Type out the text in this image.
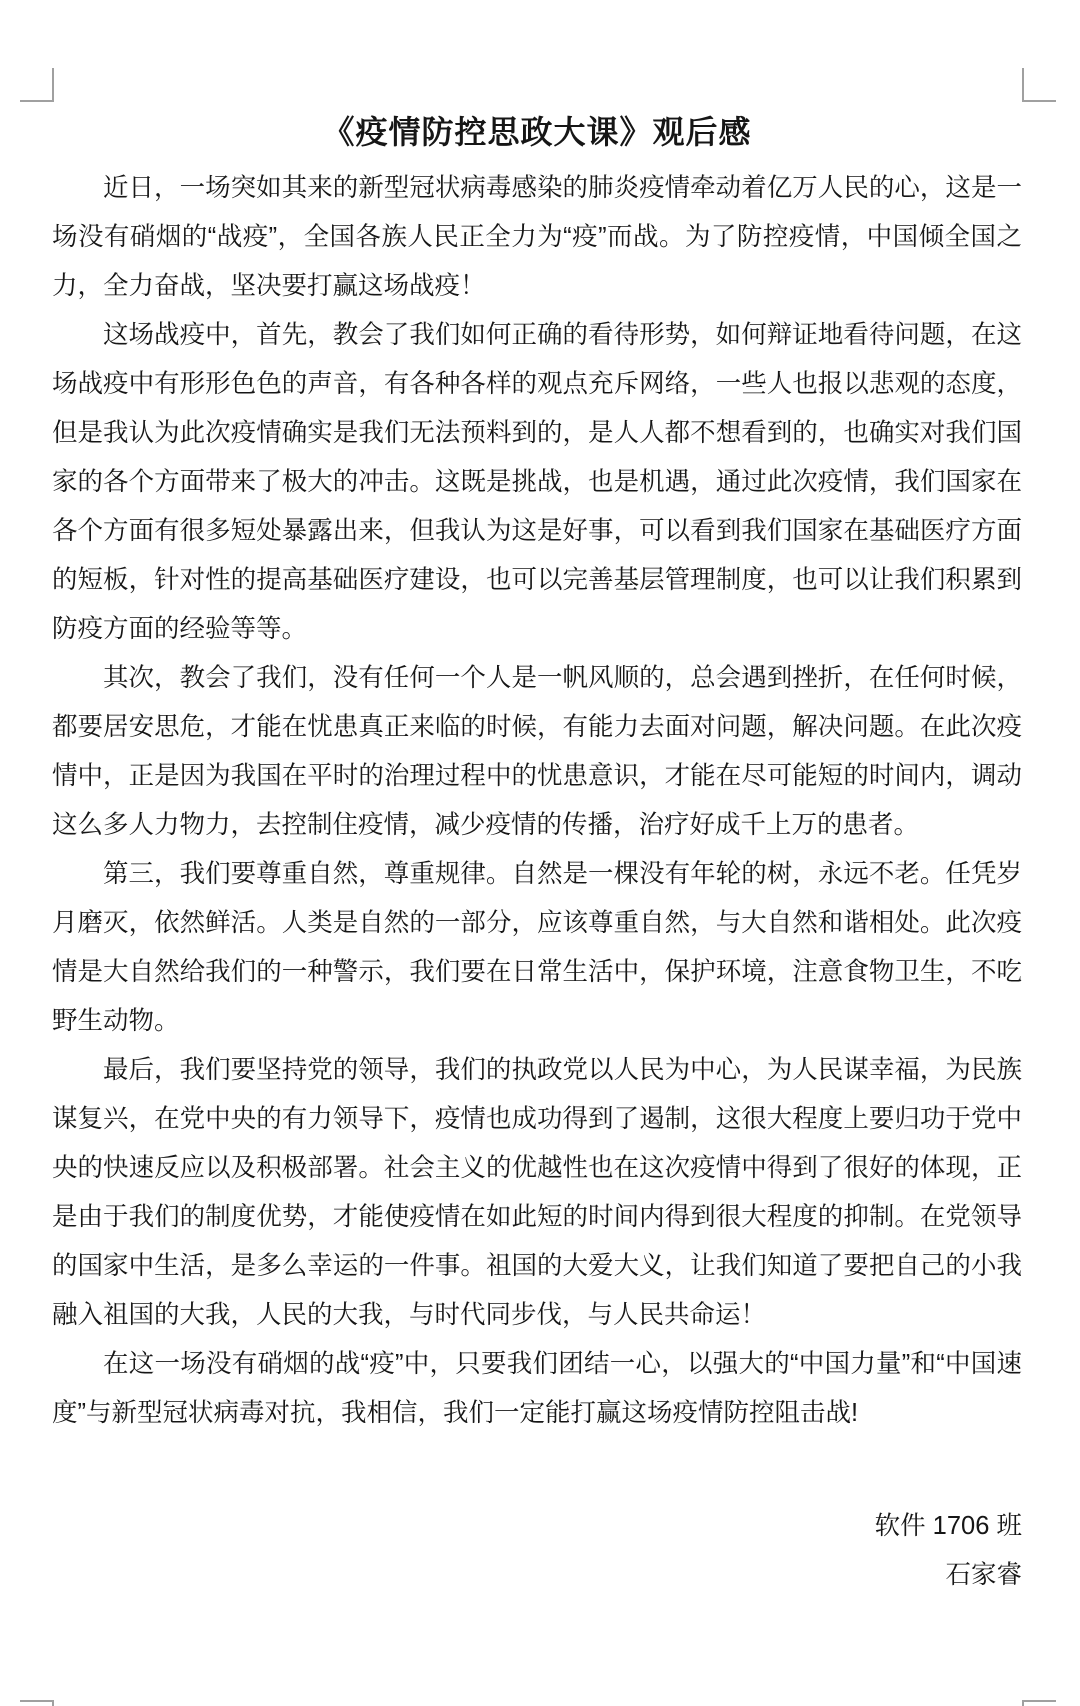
《疫情防控思政大课》观后感

近日，一场突如其来的新型冠状病毒感染的肺炎疫情牵动着亿万人民的心，这是一场没有硝烟的“战疫”，全国各族人民正全力为“疫”而战。为了防控疫情，中国倾全国之力，全力奋战，坚决要打赢这场战疫！

这场战疫中，首先，教会了我们如何正确的看待形势，如何辩证地看待问题，在这场战疫中有形形色色的声音，有各种各样的观点充斥网络，一些人也报以悲观的态度，但是我认为此次疫情确实是我们无法预料到的，是人人都不想看到的，也确实对我们国家的各个方面带来了极大的冲击。这既是挑战，也是机遇，通过此次疫情，我们国家在各个方面有很多短处暴露出来，但我认为这是好事，可以看到我们国家在基础医疗方面的短板，针对性的提高基础医疗建设，也可以完善基层管理制度，也可以让我们积累到防疫方面的经验等等。

其次，教会了我们，没有任何一个人是一帆风顺的，总会遇到挫折，在任何时候，都要居安思危，才能在忧患真正来临的时候，有能力去面对问题，解决问题。在此次疫情中，正是因为我国在平时的治理过程中的忧患意识，才能在尽可能短的时间内，调动这么多人力物力，去控制住疫情，减少疫情的传播，治疗好成千上万的患者。

第三，我们要尊重自然，尊重规律。自然是一棵没有年轮的树，永远不老。任凭岁月磨灭，依然鲜活。人类是自然的一部分，应该尊重自然，与大自然和谐相处。此次疫情是大自然给我们的一种警示，我们要在日常生活中，保护环境，注意食物卫生，不吃野生动物。

最后，我们要坚持党的领导，我们的执政党以人民为中心，为人民谋幸福，为民族谋复兴，在党中央的有力领导下，疫情也成功得到了遏制，这很大程度上要归功于党中央的快速反应以及积极部署。社会主义的优越性也在这次疫情中得到了很好的体现，正是由于我们的制度优势，才能使疫情在如此短的时间内得到很大程度的抑制。在党领导的国家中生活，是多么幸运的一件事。祖国的大爱大义，让我们知道了要把自己的小我融入祖国的大我，人民的大我，与时代同步伐，与人民共命运！

在这一场没有硝烟的战“疫”中，只要我们团结一心，以强大的“中国力量”和“中国速度”与新型冠状病毒对抗，我相信，我们一定能打赢这场疫情防控阻击战!

软件 1706 班

石家睿
